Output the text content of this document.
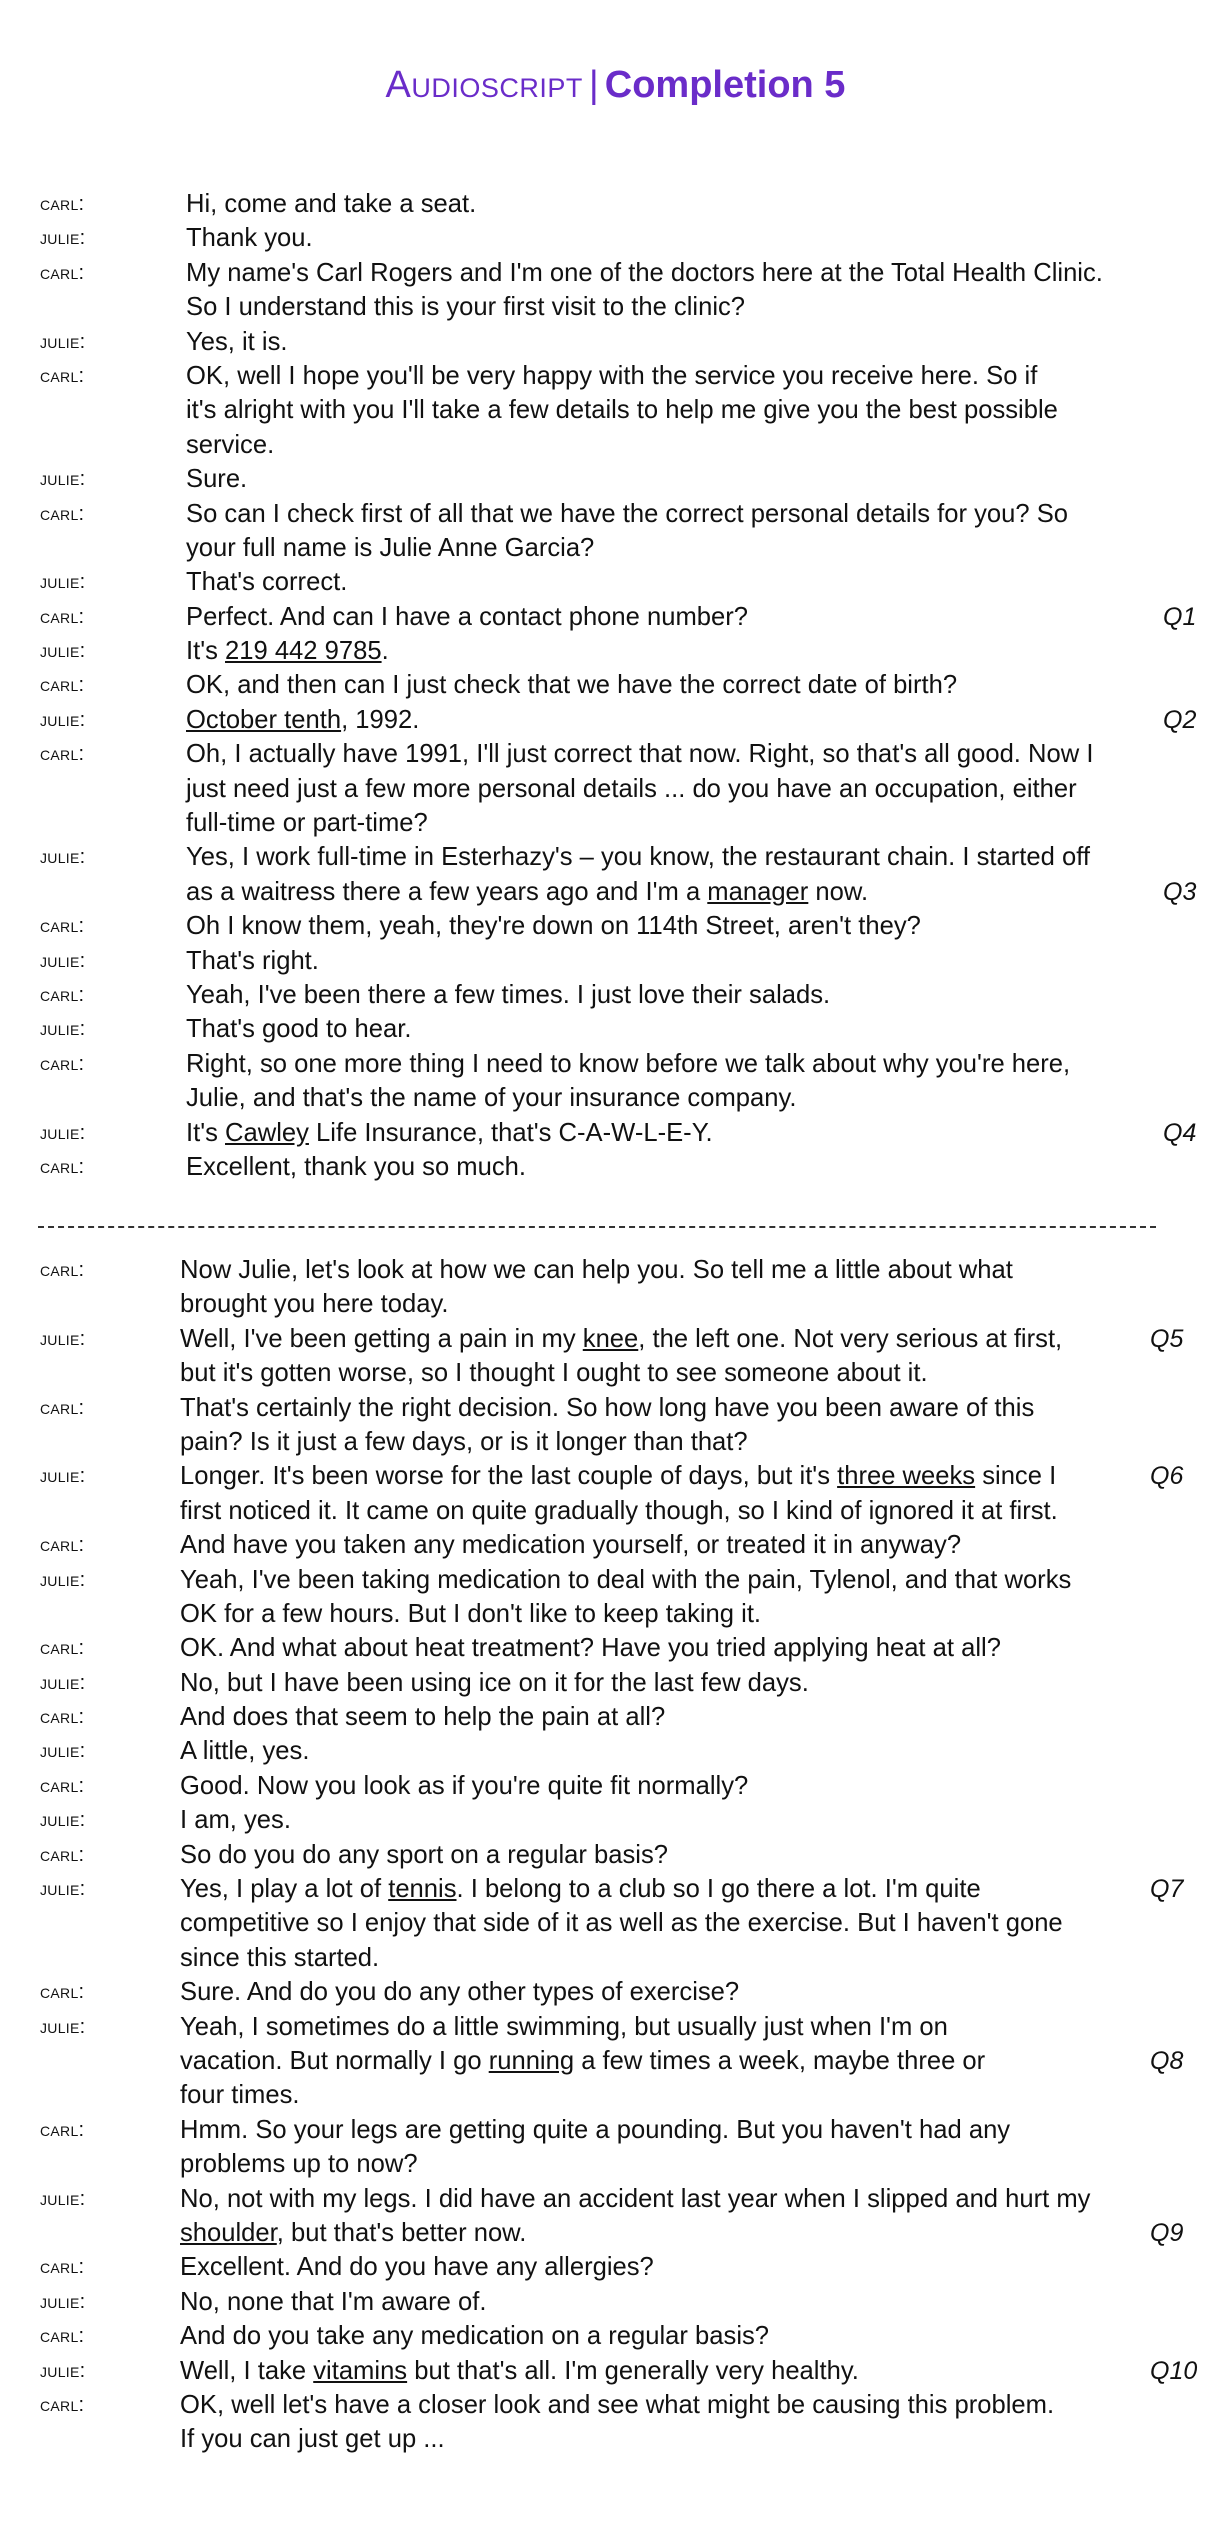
Audioscript | Completion 5
carl:	Hi, come and take a seat.
julie:	Thank you.
carl:	My name's Carl Rogers and I'm one of the doctors here at the Total Health Clinic.
So I understand this is your first visit to the clinic?
julie:	Yes, it is.
carl:	OK, well I hope you'll be very happy with the service you receive here. So if
it's alright with you I'll take a few details to help me give you the best possible
service.
julie:	Sure.
carl:	So can I check first of all that we have the correct personal details for you? So
your full name is Julie Anne Garcia?
julie:	That's correct.
carl:	Perfect. And can I have a contact phone number?	Q1
julie:	It's 219 442 9785.
carl:	OK, and then can I just check that we have the correct date of birth?
julie:	October tenth, 1992.	Q2
carl:	Oh, I actually have 1991, I'll just correct that now. Right, so that's all good. Now I
just need just a few more personal details ... do you have an occupation, either
full-time or part-time?
julie:	Yes, I work full-time in Esterhazy's – you know, the restaurant chain. I started off
as a waitress there a few years ago and I'm a manager now.	Q3
carl:	Oh I know them, yeah, they're down on 114th Street, aren't they?
julie:	That's right.
carl:	Yeah, I've been there a few times. I just love their salads.
julie:	That's good to hear.
carl:	Right, so one more thing I need to know before we talk about why you're here,
Julie, and that's the name of your insurance company.
julie:	It's Cawley Life Insurance, that's C-A-W-L-E-Y.	Q4
carl:	Excellent, thank you so much.
carl:	Now Julie, let's look at how we can help you. So tell me a little about what
brought you here today.
julie:	Well, I've been getting a pain in my knee, the left one. Not very serious at first,	Q5
but it's gotten worse, so I thought I ought to see someone about it.
carl:	That's certainly the right decision. So how long have you been aware of this
pain? Is it just a few days, or is it longer than that?
julie:	Longer. It's been worse for the last couple of days, but it's three weeks since I	Q6
first noticed it. It came on quite gradually though, so I kind of ignored it at first.
carl:	And have you taken any medication yourself, or treated it in anyway?
julie:	Yeah, I've been taking medication to deal with the pain, Tylenol, and that works
OK for a few hours. But I don't like to keep taking it.
carl:	OK. And what about heat treatment? Have you tried applying heat at all?
julie:	No, but I have been using ice on it for the last few days.
carl:	And does that seem to help the pain at all?
julie:	A little, yes.
carl:	Good. Now you look as if you're quite fit normally?
julie:	I am, yes.
carl:	So do you do any sport on a regular basis?
julie:	Yes, I play a lot of tennis. I belong to a club so I go there a lot. I'm quite	Q7
competitive so I enjoy that side of it as well as the exercise. But I haven't gone
since this started.
carl:	Sure. And do you do any other types of exercise?
julie:	Yeah, I sometimes do a little swimming, but usually just when I'm on
vacation. But normally I go running a few times a week, maybe three or	Q8
four times.
carl:	Hmm. So your legs are getting quite a pounding. But you haven't had any
problems up to now?
julie:	No, not with my legs. I did have an accident last year when I slipped and hurt my
shoulder, but that's better now.	Q9
carl:	Excellent. And do you have any allergies?
julie:	No, none that I'm aware of.
carl:	And do you take any medication on a regular basis?
julie:	Well, I take vitamins but that's all. I'm generally very healthy.	Q10
carl:	OK, well let's have a closer look and see what might be causing this problem.
If you can just get up ...
